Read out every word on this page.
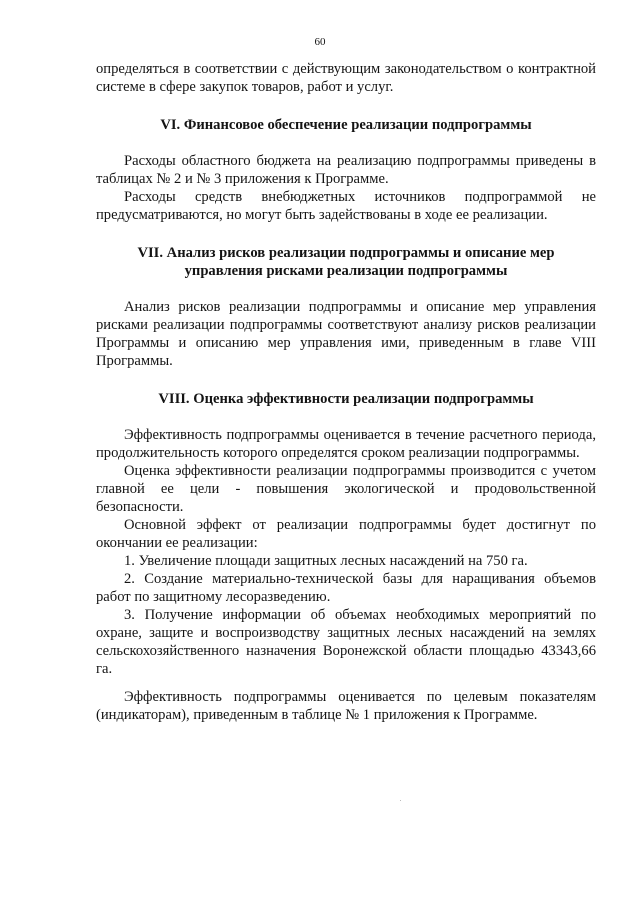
60

определяться в соответствии с действующим законодательством о контрактной системе в сфере закупок товаров, работ и услуг.

VI. Финансовое обеспечение реализации подпрограммы

Расходы областного бюджета на реализацию подпрограммы приведены в таблицах № 2 и № 3 приложения к Программе.

Расходы средств внебюджетных источников подпрограммой не предусматриваются, но могут быть задействованы в ходе ее реализации.

VII. Анализ рисков реализации подпрограммы и описание мер управления рисками реализации подпрограммы

Анализ рисков реализации подпрограммы и описание мер управления рисками реализации подпрограммы соответствуют анализу рисков реализации Программы и описанию мер управления ими, приведенным в главе VIII Программы.

VIII. Оценка эффективности реализации подпрограммы

Эффективность подпрограммы оценивается в течение расчетного периода, продолжительность которого определятся сроком реализации подпрограммы.

Оценка эффективности реализации подпрограммы производится с учетом главной ее цели - повышения экологической и продовольственной безопасности.

Основной эффект от реализации подпрограммы будет достигнут по окончании ее реализации:

1. Увеличение площади защитных лесных насаждений на 750 га.

2. Создание материально-технической базы для наращивания объемов работ по защитному лесоразведению.

3. Получение информации об объемах необходимых мероприятий по охране, защите и воспроизводству защитных лесных насаждений на землях сельскохозяйственного назначения Воронежской области площадью 43343,66 га.

Эффективность подпрограммы оценивается по целевым показателям (индикаторам), приведенным в таблице № 1 приложения к Программе.
